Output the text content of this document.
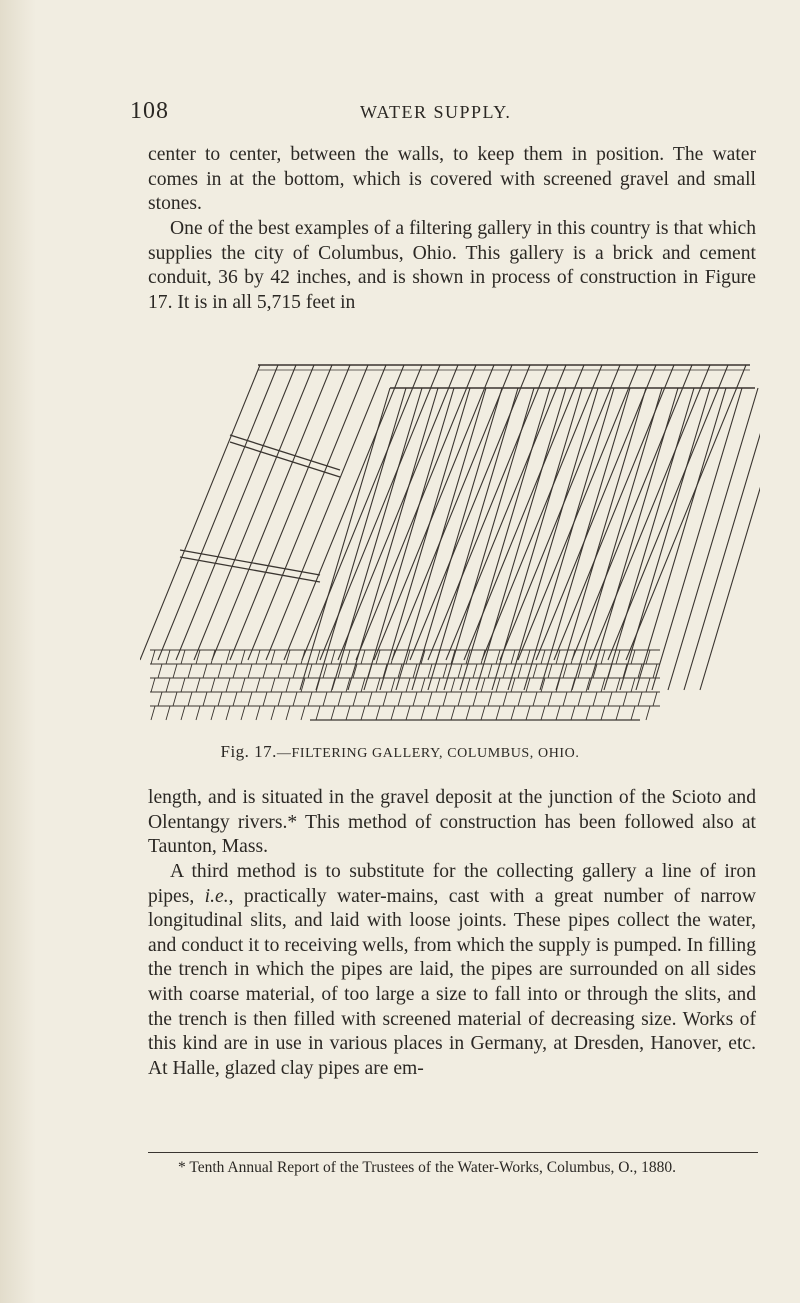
108	WATER SUPPLY.

center to center, between the walls, to keep them in position. The water comes in at the bottom, which is covered with screened gravel and small stones.

One of the best examples of a filtering gallery in this country is that which supplies the city of Columbus, Ohio. This gallery is a brick and cement conduit, 36 by 42 inches, and is shown in process of construction in Figure 17. It is in all 5,715 feet in

Fig. 17.—FILTERING GALLERY, COLUMBUS, OHIO.

length, and is situated in the gravel deposit at the junction of the Scioto and Olentangy rivers.* This method of construction has been followed also at Taunton, Mass.

A third method is to substitute for the collecting gallery a line of iron pipes, i.e., practically water-mains, cast with a great number of narrow longitudinal slits, and laid with loose joints. These pipes collect the water, and conduct it to receiving wells, from which the supply is pumped. In filling the trench in which the pipes are laid, the pipes are surrounded on all sides with coarse material, of too large a size to fall into or through the slits, and the trench is then filled with screened material of decreasing size. Works of this kind are in use in various places in Germany, at Dresden, Hanover, etc. At Halle, glazed clay pipes are em-

* Tenth Annual Report of the Trustees of the Water-Works, Columbus, O., 1880.
